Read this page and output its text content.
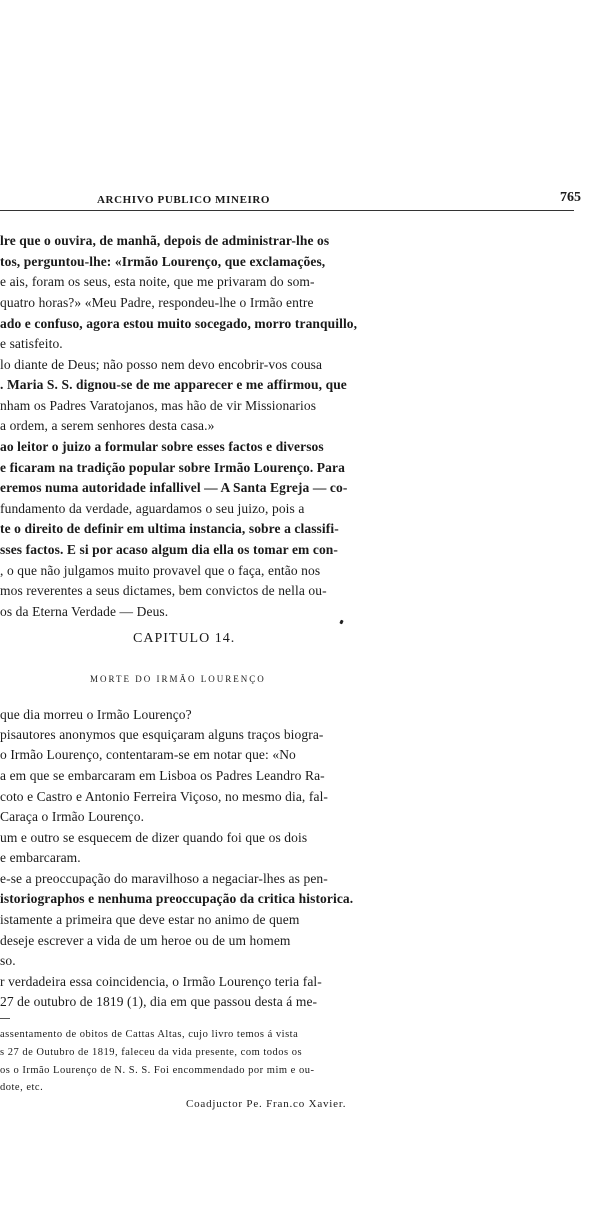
ARCHIVO PUBLICO MINEIRO	765
lre que o ouvira, de manhã, depois de administrar-lhe os
tos, perguntou-lhe: «Irmão Lourenço, que exclamações,
e ais, foram os seus, esta noite, que me privaram do som-
quatro horas?» «Meu Padre, respondeu-lhe o Irmão entre
ado e confuso, agora estou muito socegado, morro tranquillo,
e satisfeito.
lo diante de Deus; não posso nem devo encobrir-vos cousa
. Maria S. S. dignou-se de me apparecer e me affirmou, que
nham os Padres Varatojanos, mas hão de vir Missionarios
a ordem, a serem senhores desta casa.»
ao leitor o juizo a formular sobre esses factos e diversos
e ficaram na tradição popular sobre Irmão Lourenço. Para
eremos numa autoridade infallivel — A Santa Egreja — co-
fundamento da verdade, aguardamos o seu juizo, pois a
te o direito de definir em ultima instancia, sobre a classifi-
sses factos. E si por acaso algum dia ella os tomar em con-
, o que não julgamos muito provavel que o faça, então nos
mos reverentes a seus dictames, bem convictos de nella ou-
os da Eterna Verdade — Deus.
CAPITULO 14.
MORTE DO IRMÃO LOURENÇO
que dia morreu o Irmão Lourenço?
pisautores anonymos que esquiçaram alguns traços biogra-
o Irmão Lourenço, contentaram-se em notar que: «No
a em que se embarcaram em Lisboa os Padres Leandro Ra-
coto e Castro e Antonio Ferreira Viçoso, no mesmo dia, fal-
Caraça o Irmão Lourenço.
um e outro se esquecem de dizer quando foi que os dois
e embarcaram.
e-se a preoccupação do maravilhoso a negaciar-lhes as pen-
istoriographos e nenhuma preoccupação da critica historica.
istamente a primeira que deve estar no animo de quem
deseje escrever a vida de um heroe ou de um homem
so.
r verdadeira essa coincidencia, o Irmão Lourenço teria fal-
27 de outubro de 1819 (1), dia em que passou desta á me-
assentamento de obitos de Cattas Altas, cujo livro temos á vista
s 27 de Outubro de 1819, faleceu da vida presente, com todos os
os o Irmão Lourenço de N. S. S. Foi encommendado por mim e ou-
dote, etc.
Coadjuctor Pe. Fran.co Xavier.
